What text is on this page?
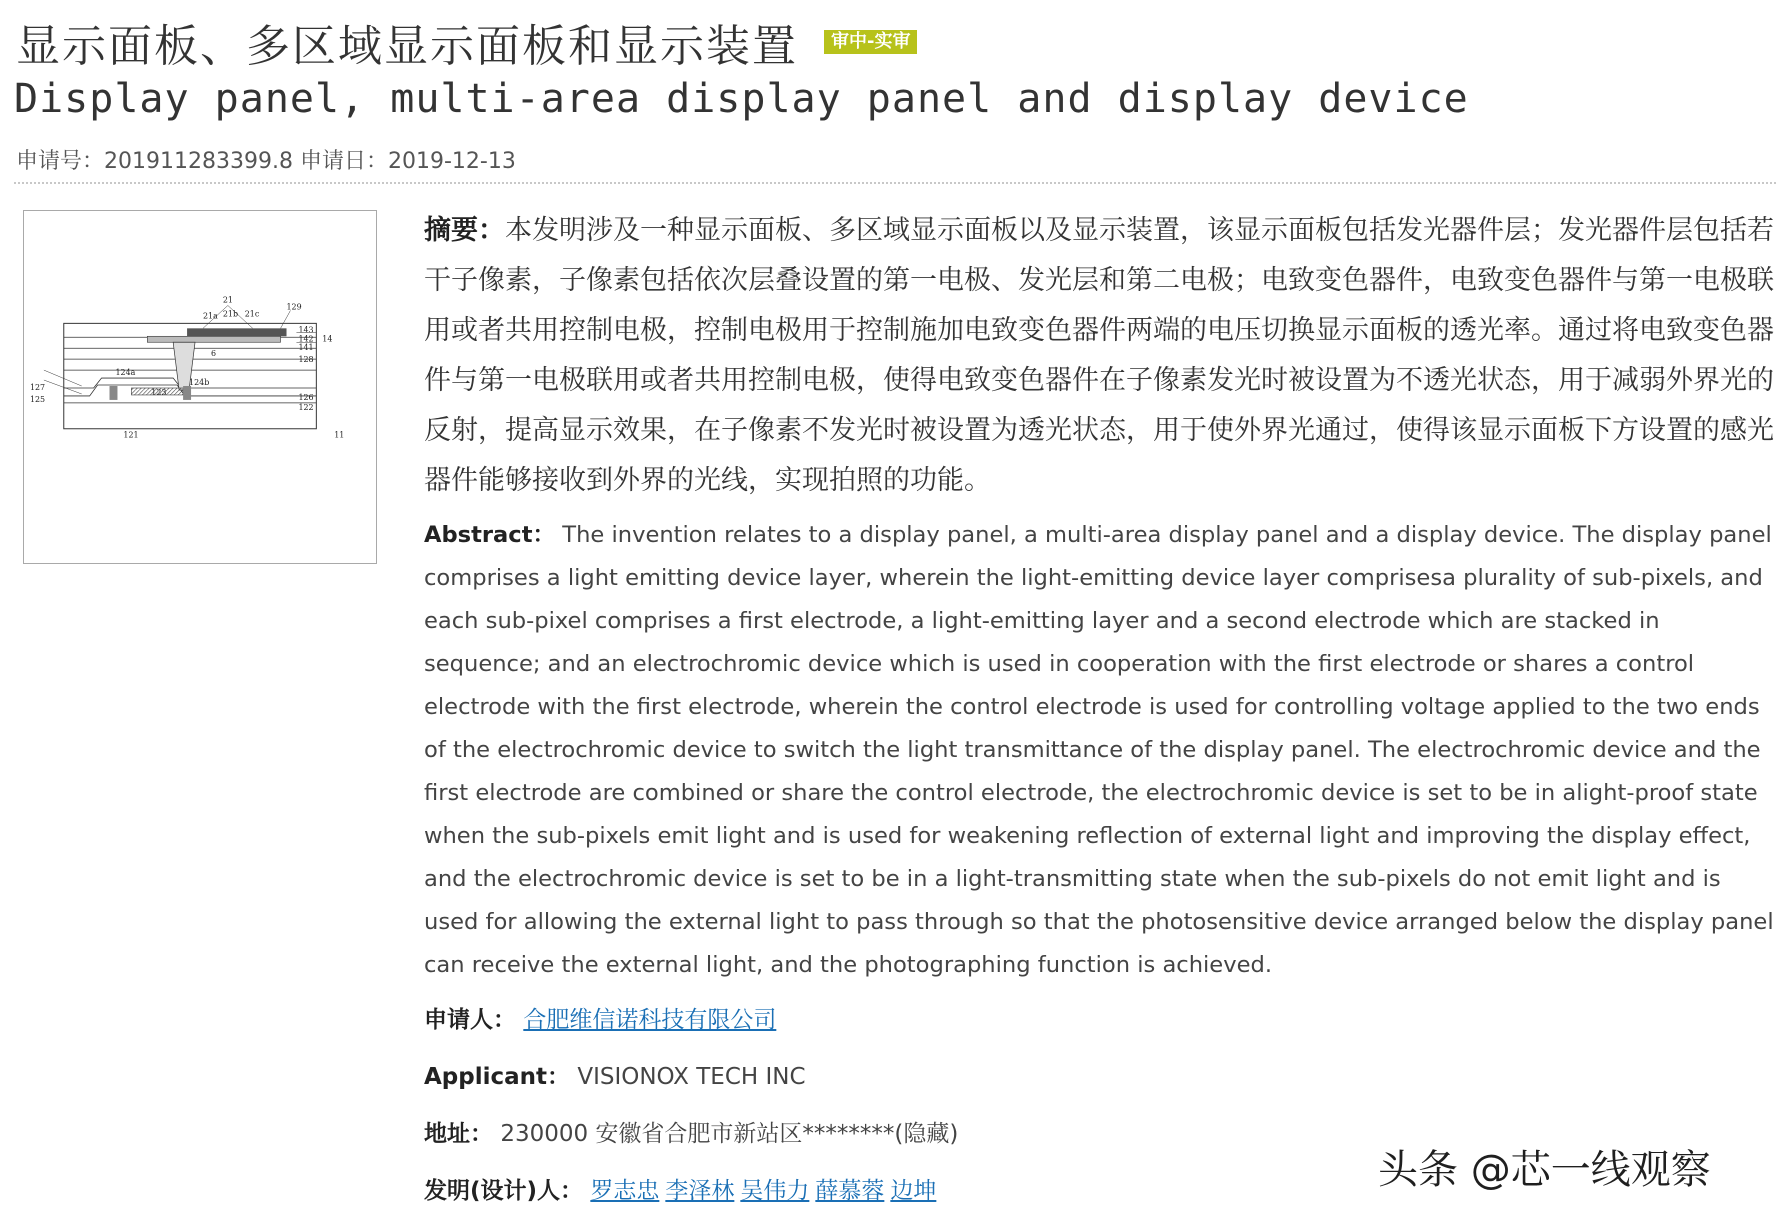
显示面板、多区域显示面板和显示装置	审中-实审
Display panel, multi-area display panel and display device
申请号：201911283399.8 申请日：2019-12-13
21
21a 21b 21c
129
143
142
141
14
128
6
124a
124b
123
127
125	126
122
121	11

摘要：本发明涉及一种显示面板、多区域显示面板以及显示装置，该显示面板包括发光器件层；发光器件层包括若干子像素，子像素包括依次层叠设置的第一电极、发光层和第二电极；电致变色器件，电致变色器件与第一电极联用或者共用控制电极，控制电极用于控制施加电致变色器件两端的电压切换显示面板的透光率。通过将电致变色器件与第一电极联用或者共用控制电极，使得电致变色器件在子像素发光时被设置为不透光状态，用于减弱外界光的反射，提高显示效果，在子像素不发光时被设置为透光状态，用于使外界光通过，使得该显示面板下方设置的感光器件能够接收到外界的光线，实现拍照的功能。

Abstract： The invention relates to a display panel, a multi-area display panel and a display device. The display panel comprises a light emitting device layer, wherein the light-emitting device layer comprisesa plurality of sub-pixels, and each sub-pixel comprises a first electrode, a light-emitting layer and a second electrode which are stacked in sequence; and an electrochromic device which is used in cooperation with the first electrode or shares a control electrode with the first electrode, wherein the control electrode is used for controlling voltage applied to the two ends of the electrochromic device to switch the light transmittance of the display panel. The electrochromic device and the first electrode are combined or share the control electrode, the electrochromic device is set to be in alight-proof state when the sub-pixels emit light and is used for weakening reflection of external light and improving the display effect, and the electrochromic device is set to be in a light-transmitting state when the sub-pixels do not emit light and is used for allowing the external light to pass through so that the photosensitive device arranged below the display panel can receive the external light, and the photographing function is achieved.

申请人： 合肥维信诺科技有限公司

Applicant： VISIONOX TECH INC

地址： 230000 安徽省合肥市新站区********(隐藏)

发明(设计)人： 罗志忠 李泽林 吴伟力 薛慕蓉 边坤	头条 @芯一线观察
